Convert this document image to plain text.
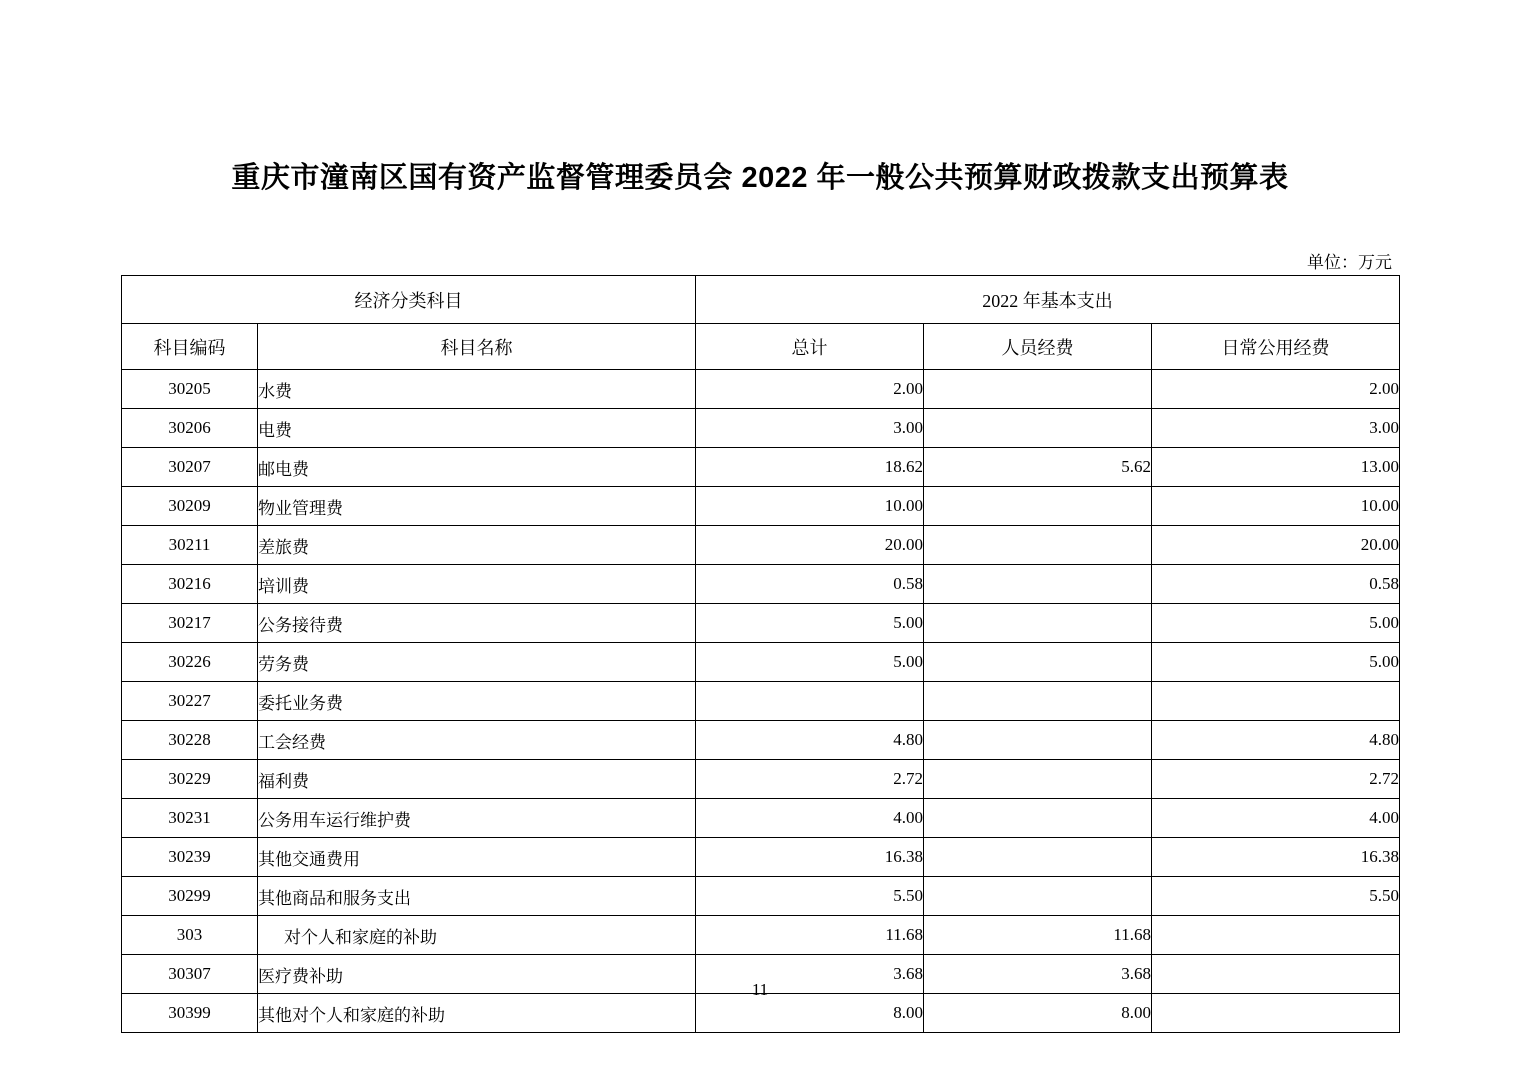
重庆市潼南区国有资产监督管理委员会 2022 年一般公共预算财政拨款支出预算表
单位：万元
经济分类科目		2022 年基本支出		
科目编码	科目名称	总计	人员经费	日常公用经费
30205	水费	2.00		2.00
30206	电费	3.00		3.00
30207	邮电费	18.62	5.62	13.00
30209	物业管理费	10.00		10.00
30211	差旅费	20.00		20.00
30216	培训费	0.58		0.58
30217	公务接待费	5.00		5.00
30226	劳务费	5.00		5.00
30227	委托业务费			
30228	工会经费	4.80		4.80
30229	福利费	2.72		2.72
30231	公务用车运行维护费	4.00		4.00
30239	其他交通费用	16.38		16.38
30299	其他商品和服务支出	5.50		5.50
303	对个人和家庭的补助	11.68	11.68	
30307	医疗费补助	3.68	3.68	
30399	其他对个人和家庭的补助	8.00	8.00	
11
